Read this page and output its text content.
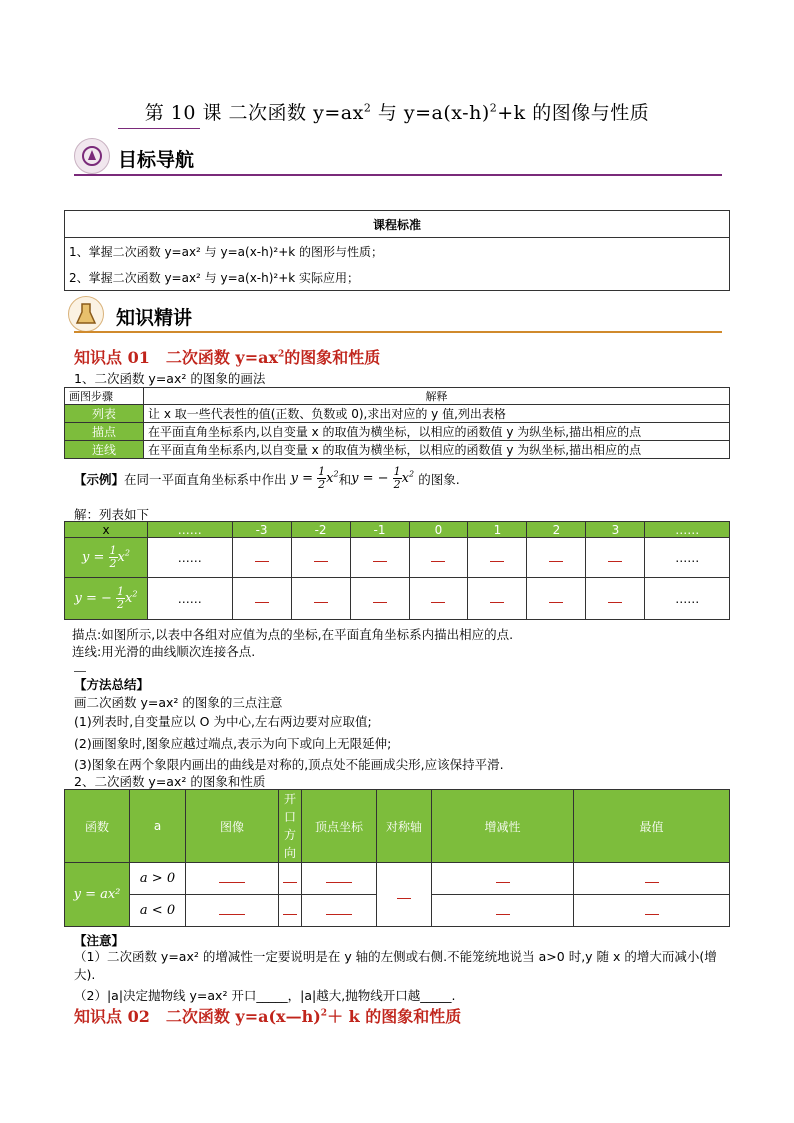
第 10 课 二次函数 $y=ax^2$ 与 $y=a(x-h)^2+k$ 的图像与性质
目标导航
课程标准
1、掌握二次函数 y=ax² 与 y=a(x-h)²+k 的图形与性质；
2、掌握二次函数 y=ax² 与 y=a(x-h)²+k 实际应用；
知识精讲
知识点 01　二次函数 $y=ax^2$的图象和性质
1、二次函数 y=ax² 的图象的画法
画图步骤	解释
列表	让 x 取一些代表性的值(正数、负数或 0),求出对应的 y 值,列出表格
描点	在平面直角坐标系内,以自变量 x 的取值为横坐标，以相应的函数值 y 为纵坐标,描出相应的点
连线	在平面直角坐标系内,以自变量 x 的取值为横坐标，以相应的函数值 y 为纵坐标,描出相应的点
【示例】 在同一平面直角坐标系中作出 $y = \frac{1}{2} x^2$ 和 y = − $\frac{1}{2} x^2$ 的图象.
解：列表如下
x	……	-3	-2	-1	0	1	2	3	……
$y = \frac{1}{2} x^2$	……								……
y = − $\frac{1}{2} x^2$	……								……
描点:如图所示,以表中各组对应值为点的坐标,在平面直角坐标系内描出相应的点.
连线:用光滑的曲线顺次连接各点.
【方法总结】
画二次函数 y=ax² 的图象的三点注意
(1)列表时,自变量应以 O 为中心,左右两边要对应取值;
(2)画图象时,图象应越过端点,表示为向下或向上无限延伸;
(3)图象在两个象限内画出的曲线是对称的,顶点处不能画成尖形,应该保持平滑.
2、二次函数 y=ax² 的图象和性质
函数	a	图像	开口方向	顶点坐标	对称轴	增减性	最值
y = ax²	a > 0						
	a < 0						
【注意】
（1）二次函数 y=ax² 的增减性一定要说明是在 y 轴的左侧或右侧.不能笼统地说当 a>0 时,y 随 x 的增大而减小(增大).
（2）|a|决定抛物线 y=ax² 开口_____，|a|越大,抛物线开口越_____.
知识点 02　二次函数 y=a(x—h)$^2$＋ k 的图象和性质
